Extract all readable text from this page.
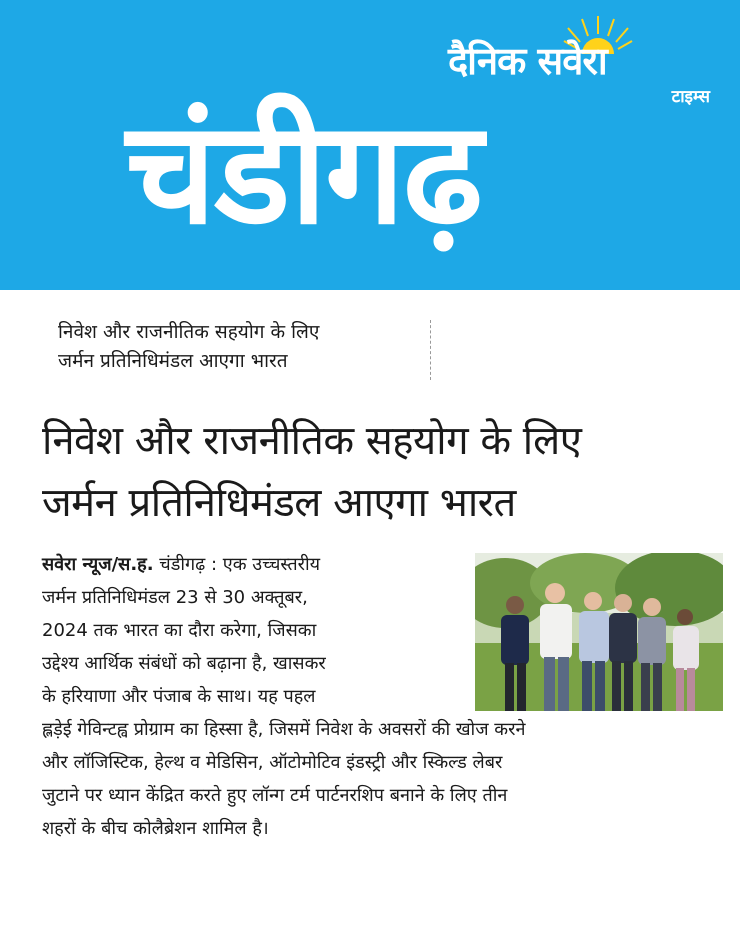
दैनिक सवेरा
टाइम्स
चंडीगढ़
निवेश और राजनीतिक सहयोग के लिए
जर्मन प्रतिनिधिमंडल आएगा भारत
निवेश और राजनीतिक सहयोग के लिए
जर्मन प्रतिनिधिमंडल आएगा भारत
सवेरा न्यूज/स.ह. चंडीगढ़ : एक उच्चस्तरीय
जर्मन प्रतिनिधिमंडल 23 से 30 अक्तूबर,
2024 तक भारत का दौरा करेगा, जिसका
उद्देश्य आर्थिक संबंधों को बढ़ाना है, खासकर
के हरियाणा और पंजाब के साथ। यह पहल
ह्लड़ेई गेविन्टह्व प्रोग्राम का हिस्सा है, जिसमें निवेश के अवसरों की खोज करने
और लॉजिस्टिक, हेल्थ व मेडिसिन, ऑटोमोटिव इंडस्ट्री और स्किल्ड लेबर
जुटाने पर ध्यान केंद्रित करते हुए लॉन्ग टर्म पार्टनरशिप बनाने के लिए तीन
शहरों के बीच कोलैब्रेशन शामिल है।
